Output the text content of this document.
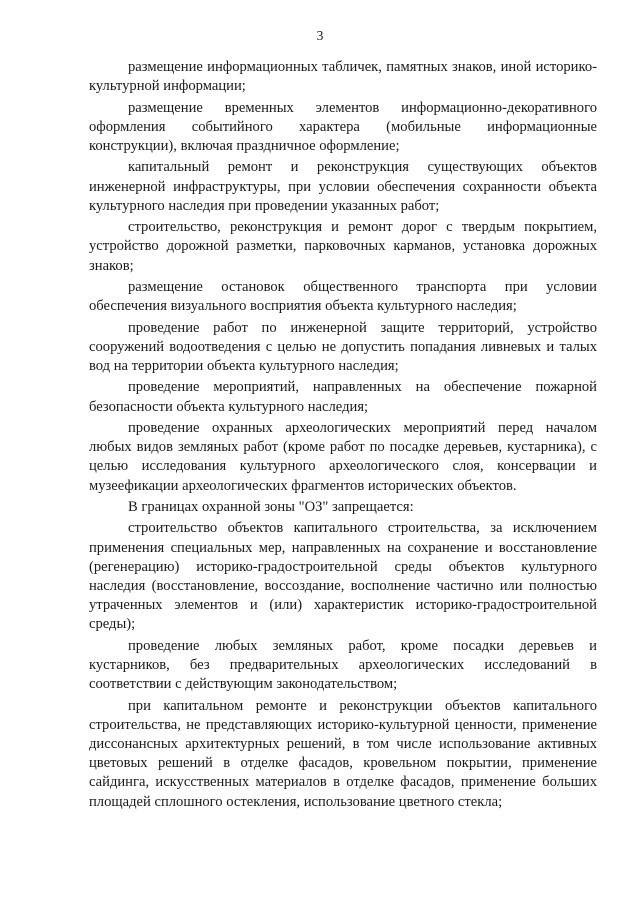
3

размещение информационных табличек, памятных знаков, иной историко-культурной информации;

размещение временных элементов информационно-декоративного оформления событийного характера (мобильные информационные конструкции), включая праздничное оформление;

капитальный ремонт и реконструкция существующих объектов инженерной инфраструктуры, при условии обеспечения сохранности объекта культурного наследия при проведении указанных работ;

строительство, реконструкция и ремонт дорог с твердым покрытием, устройство дорожной разметки, парковочных карманов, установка дорожных знаков;

размещение остановок общественного транспорта при условии обеспечения визуального восприятия объекта культурного наследия;

проведение работ по инженерной защите территорий, устройство сооружений водоотведения с целью не допустить попадания ливневых и талых вод на территории объекта культурного наследия;

проведение мероприятий, направленных на обеспечение пожарной безопасности объекта культурного наследия;

проведение охранных археологических мероприятий перед началом любых видов земляных работ (кроме работ по посадке деревьев, кустарника), с целью исследования культурного археологического слоя, консервации и музеефикации археологических фрагментов исторических объектов.

В границах охранной зоны "ОЗ" запрещается:

строительство объектов капитального строительства, за исключением применения специальных мер, направленных на сохранение и восстановление (регенерацию) историко-градостроительной среды объектов культурного наследия (восстановление, воссоздание, восполнение частично или полностью утраченных элементов и (или) характеристик историко-градостроительной среды);

проведение любых земляных работ, кроме посадки деревьев и кустарников, без предварительных археологических исследований в соответствии с действующим законодательством;

при капитальном ремонте и реконструкции объектов капитального строительства, не представляющих историко-культурной ценности, применение диссонансных архитектурных решений, в том числе использование активных цветовых решений в отделке фасадов, кровельном покрытии, применение сайдинга, искусственных материалов в отделке фасадов, применение больших площадей сплошного остекления, использование цветного стекла;
